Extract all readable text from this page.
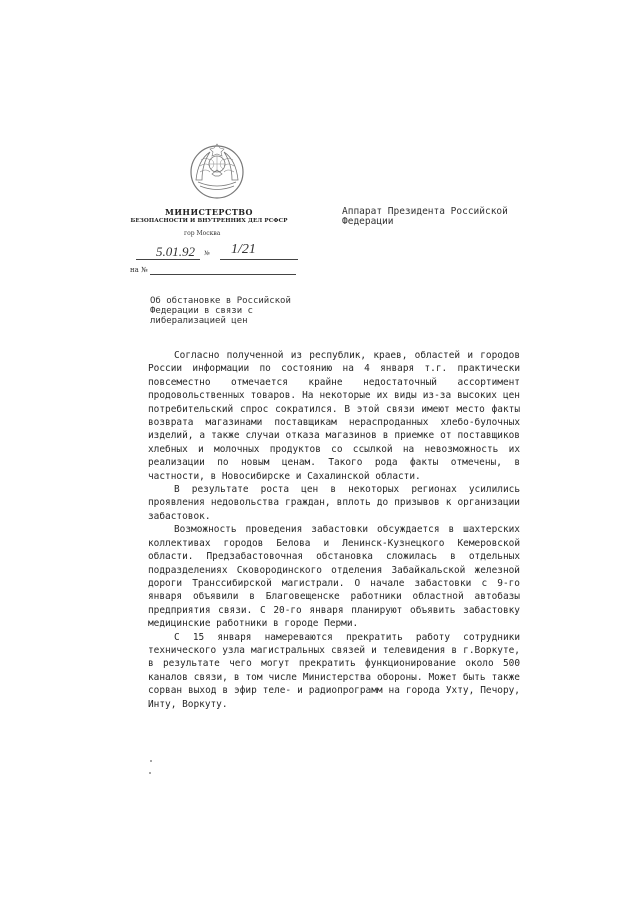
МИНИСТЕРСТВО
БЕЗОПАСНОСТИ И ВНУТРЕННИХ ДЕЛ РСФСР
гор Москва
5.01.92 № 1/21
на №
Аппарат Президента Российской Федерации
Об обстановке в Российской Федерации в связи с либерализацией цен

Согласно полученной из республик, краев, областей и городов России информации по состоянию на 4 января т.г. практически повсеместно отмечается крайне недостаточный ассортимент продовольственных товаров. На некоторые их виды из-за высоких цен потребительский спрос сократился. В этой связи имеют место факты возврата магазинами поставщикам нераспроданных хлебо-булочных изделий, а также случаи отказа магазинов в приемке от поставщиков хлебных и молочных продуктов со ссылкой на невозможность их реализации по новым ценам. Такого рода факты отмечены, в частности, в Новосибирске и Сахалинской области.

В результате роста цен в некоторых регионах усилились проявления недовольства граждан, вплоть до призывов к организации забастовок.

Возможность проведения забастовки обсуждается в шахтерских коллективах городов Белова и Ленинск-Кузнецкого Кемеровской области. Предзабастовочная обстановка сложилась в отдельных подразделениях Сковородинского отделения Забайкальской железной дороги Транссибирской магистрали. О начале забастовки с 9-го января объявили в Благовещенске работники областной автобазы предприятия связи. С 20-го января планируют объявить забастовку медицинские работники в городе Перми.

С 15 января намереваются прекратить работу сотрудники технического узла магистральных связей и телевидения в г.Воркуте, в результате чего могут прекратить функционирование около 500 каналов связи, в том числе Министерства обороны. Может быть также сорван выход в эфир теле- и радиопрограмм на города Ухту, Печору, Инту, Воркуту.
